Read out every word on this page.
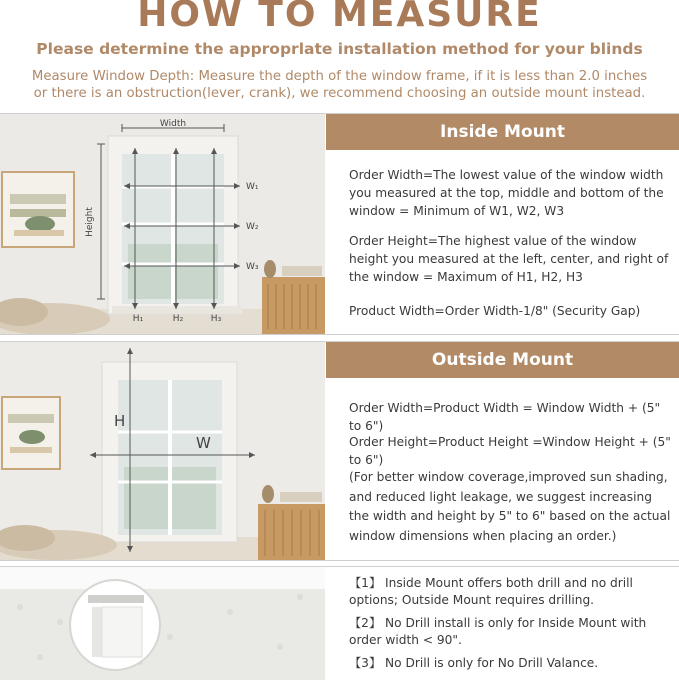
HOW TO MEASURE
Please determine the approprlate installation method for your blinds
Measure Window Depth: Measure the depth of the window frame, if it is less than 2.0 inches
or there is an obstruction(lever, crank), we recommend choosing an outside mount instead.
Width
Height
W₁
W₂
W₃
H₁	H₂	H₃
Inside Mount
Order Width=The lowest value of the window width you measured at the top, middle and bottom of the window = Minimum of W1, W2, W3
Order Height=The highest value of the window height you measured at the left, center, and right of the window = Maximum of H1, H2, H3
Product Width=Order Width-1/8" (Security Gap)
H
W
Outside Mount
Order Width=Product Width = Window Width + (5" to 6")
Order Height=Product Height =Window Height + (5" to 6")
(For better window coverage,improved sun shading, and reduced light leakage, we suggest increasing the width and height by 5" to 6" based on the actual window dimensions when placing an order.)
【1】 Inside Mount offers both drill and no drill options; Outside Mount requires drilling.
【2】 No Drill install is only for Inside Mount with order width < 90".
【3】 No Drill is only for No Drill Valance.
